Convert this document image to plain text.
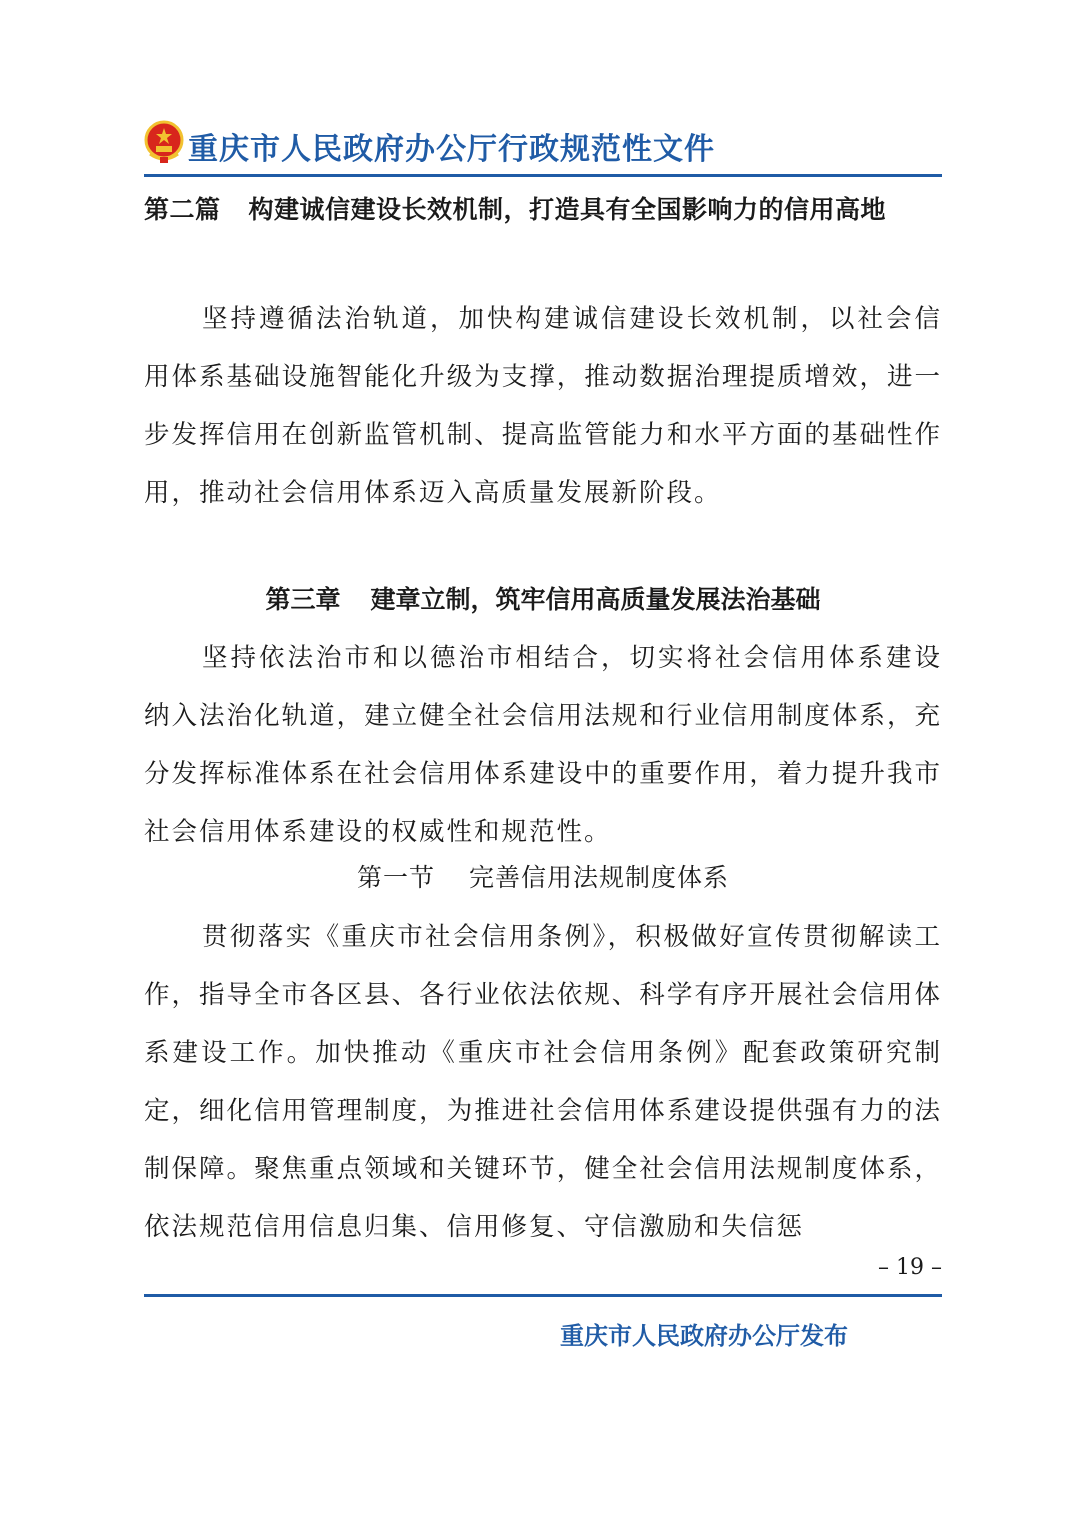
重庆市人民政府办公厅行政规范性文件
第二篇 构建诚信建设长效机制，打造具有全国影响力的信用高地

坚持遵循法治轨道，加快构建诚信建设长效机制，以社会信用体系基础设施智能化升级为支撑，推动数据治理提质增效，进一步发挥信用在创新监管机制、提高监管能力和水平方面的基础性作用，推动社会信用体系迈入高质量发展新阶段。

第三章 建章立制，筑牢信用高质量发展法治基础

坚持依法治市和以德治市相结合，切实将社会信用体系建设纳入法治化轨道，建立健全社会信用法规和行业信用制度体系，充分发挥标准体系在社会信用体系建设中的重要作用，着力提升我市社会信用体系建设的权威性和规范性。

第一节 完善信用法规制度体系

贯彻落实《重庆市社会信用条例》，积极做好宣传贯彻解读工作，指导全市各区县、各行业依法依规、科学有序开展社会信用体系建设工作。加快推动《重庆市社会信用条例》配套政策研究制定，细化信用管理制度，为推进社会信用体系建设提供强有力的法制保障。聚焦重点领域和关键环节，健全社会信用法规制度体系，依法规范信用信息归集、信用修复、守信激励和失信惩

– 19 –
重庆市人民政府办公厅发布
